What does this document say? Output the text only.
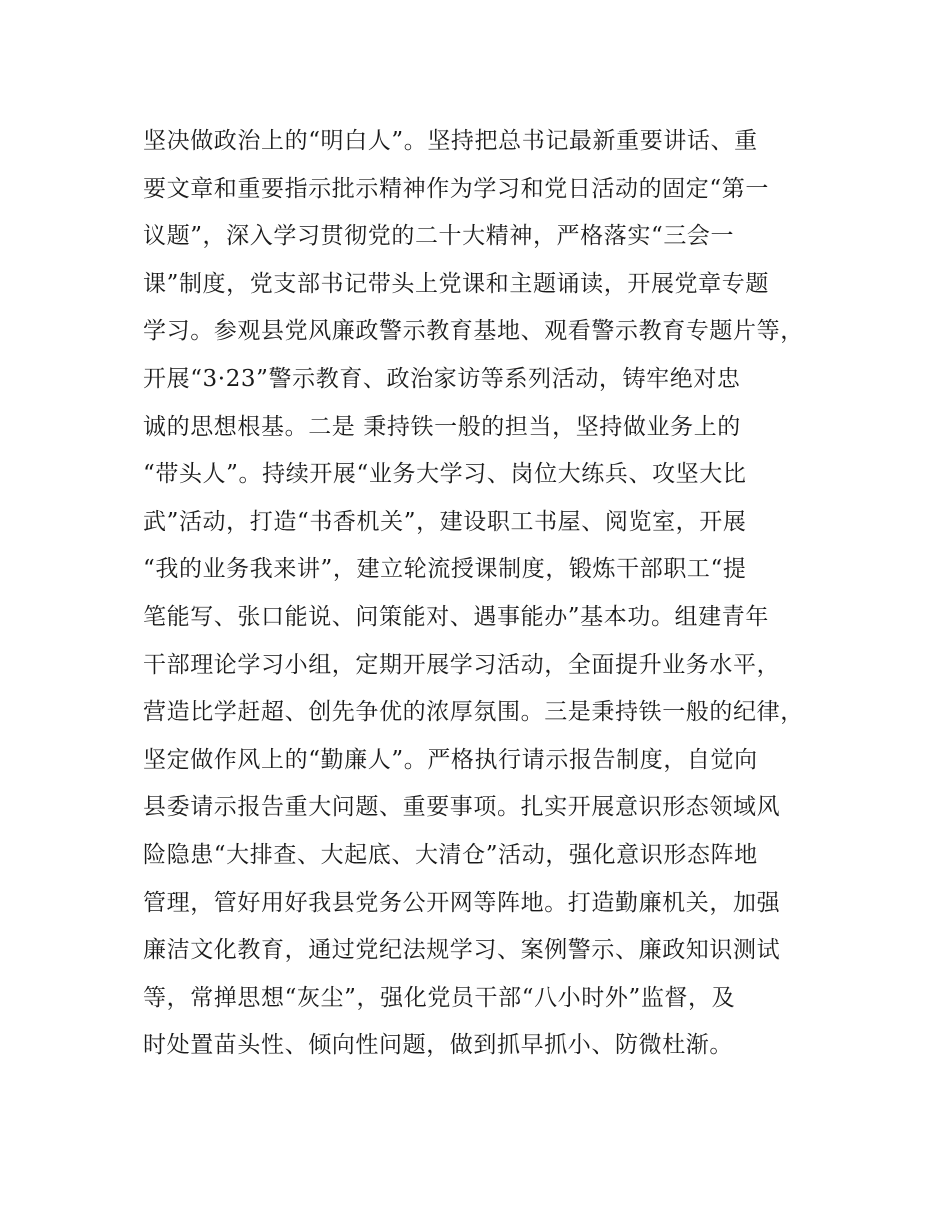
坚决做政治上的“明白人”。坚持把总书记最新重要讲话、重
要文章和重要指示批示精神作为学习和党日活动的固定“第一
议题”，深入学习贯彻党的二十大精神，严格落实“三会一
课”制度，党支部书记带头上党课和主题诵读，开展党章专题
学习。参观县党风廉政警示教育基地、观看警示教育专题片等，
开展“3·23”警示教育、政治家访等系列活动，铸牢绝对忠
诚的思想根基。二是 秉持铁一般的担当，坚持做业务上的
“带头人”。持续开展“业务大学习、岗位大练兵、攻坚大比
武”活动，打造“书香机关”，建设职工书屋、阅览室，开展
“我的业务我来讲”，建立轮流授课制度，锻炼干部职工“提
笔能写、张口能说、问策能对、遇事能办”基本功。组建青年
干部理论学习小组，定期开展学习活动，全面提升业务水平，
营造比学赶超、创先争优的浓厚氛围。三是秉持铁一般的纪律，
坚定做作风上的“勤廉人”。严格执行请示报告制度，自觉向
县委请示报告重大问题、重要事项。扎实开展意识形态领域风
险隐患“大排查、大起底、大清仓”活动，强化意识形态阵地
管理，管好用好我县党务公开网等阵地。打造勤廉机关，加强
廉洁文化教育，通过党纪法规学习、案例警示、廉政知识测试
等，常掸思想“灰尘”，强化党员干部“八小时外”监督，及
时处置苗头性、倾向性问题，做到抓早抓小、防微杜渐。
